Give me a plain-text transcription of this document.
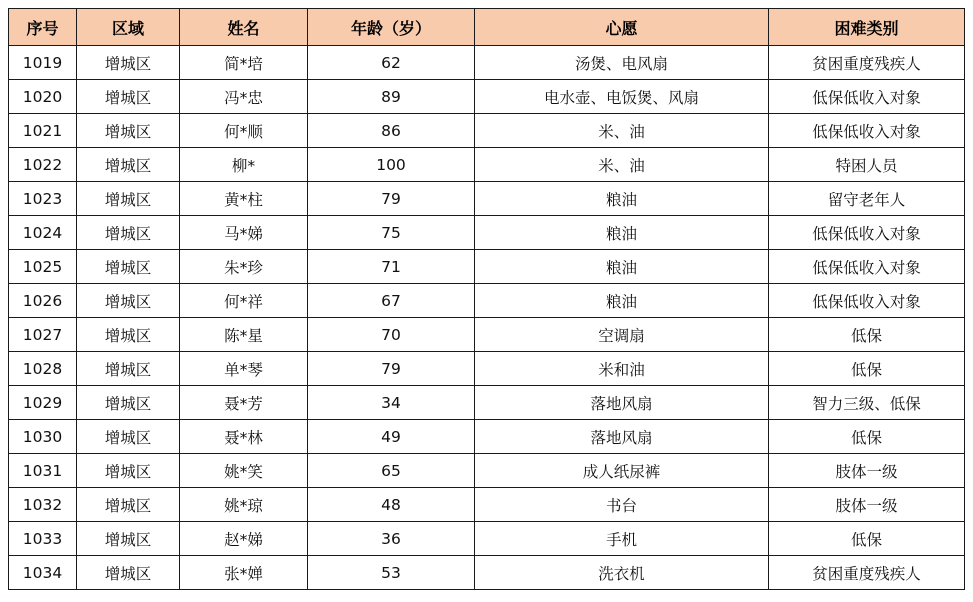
序号	区域	姓名	年龄（岁）	心愿	困难类别
1019	增城区	简*培	62	汤煲、电风扇	贫困重度残疾人
1020	增城区	冯*忠	89	电水壶、电饭煲、风扇	低保低收入对象
1021	增城区	何*顺	86	米、油	低保低收入对象
1022	增城区	柳*	100	米、油	特困人员
1023	增城区	黄*柱	79	粮油	留守老年人
1024	增城区	马*娣	75	粮油	低保低收入对象
1025	增城区	朱*珍	71	粮油	低保低收入对象
1026	增城区	何*祥	67	粮油	低保低收入对象
1027	增城区	陈*星	70	空调扇	低保
1028	增城区	单*琴	79	米和油	低保
1029	增城区	聂*芳	34	落地风扇	智力三级、低保
1030	增城区	聂*林	49	落地风扇	低保
1031	增城区	姚*笑	65	成人纸尿裤	肢体一级
1032	增城区	姚*琼	48	书台	肢体一级
1033	增城区	赵*娣	36	手机	低保
1034	增城区	张*婵	53	洗衣机	贫困重度残疾人
